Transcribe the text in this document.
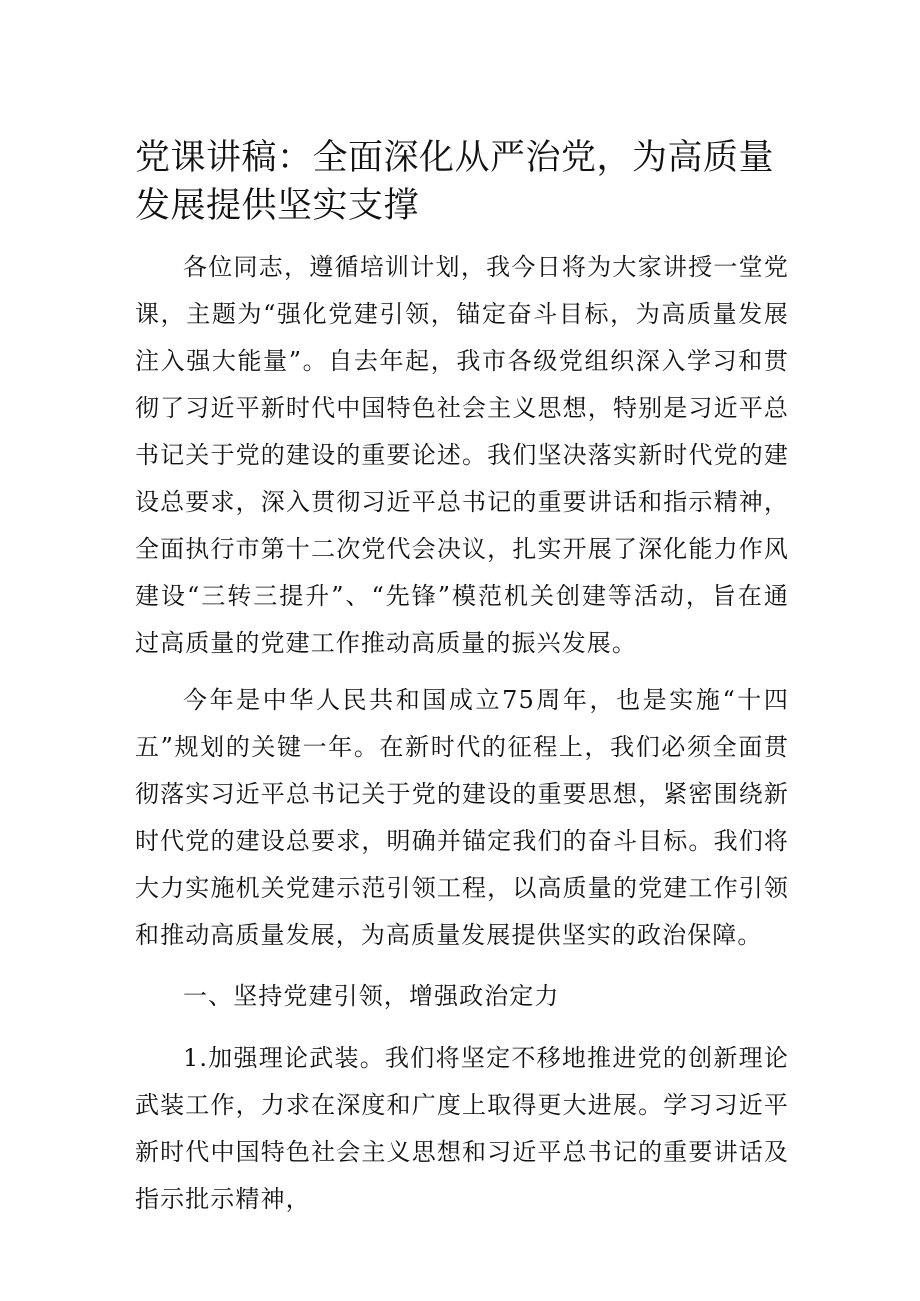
党课讲稿：全面深化从严治党，为高质量发展提供坚实支撑

各位同志，遵循培训计划，我今日将为大家讲授一堂党课，主题为“强化党建引领，锚定奋斗目标，为高质量发展注入强大能量”。自去年起，我市各级党组织深入学习和贯彻了习近平新时代中国特色社会主义思想，特别是习近平总书记关于党的建设的重要论述。我们坚决落实新时代党的建设总要求，深入贯彻习近平总书记的重要讲话和指示精神，全面执行市第十二次党代会决议，扎实开展了深化能力作风建设“三转三提升”、“先锋”模范机关创建等活动，旨在通过高质量的党建工作推动高质量的振兴发展。

今年是中华人民共和国成立75周年，也是实施“十四五”规划的关键一年。在新时代的征程上，我们必须全面贯彻落实习近平总书记关于党的建设的重要思想，紧密围绕新时代党的建设总要求，明确并锚定我们的奋斗目标。我们将大力实施机关党建示范引领工程，以高质量的党建工作引领和推动高质量发展，为高质量发展提供坚实的政治保障。

一、坚持党建引领，增强政治定力

1.加强理论武装。我们将坚定不移地推进党的创新理论武装工作，力求在深度和广度上取得更大进展。学习习近平新时代中国特色社会主义思想和习近平总书记的重要讲话及指示批示精神，
